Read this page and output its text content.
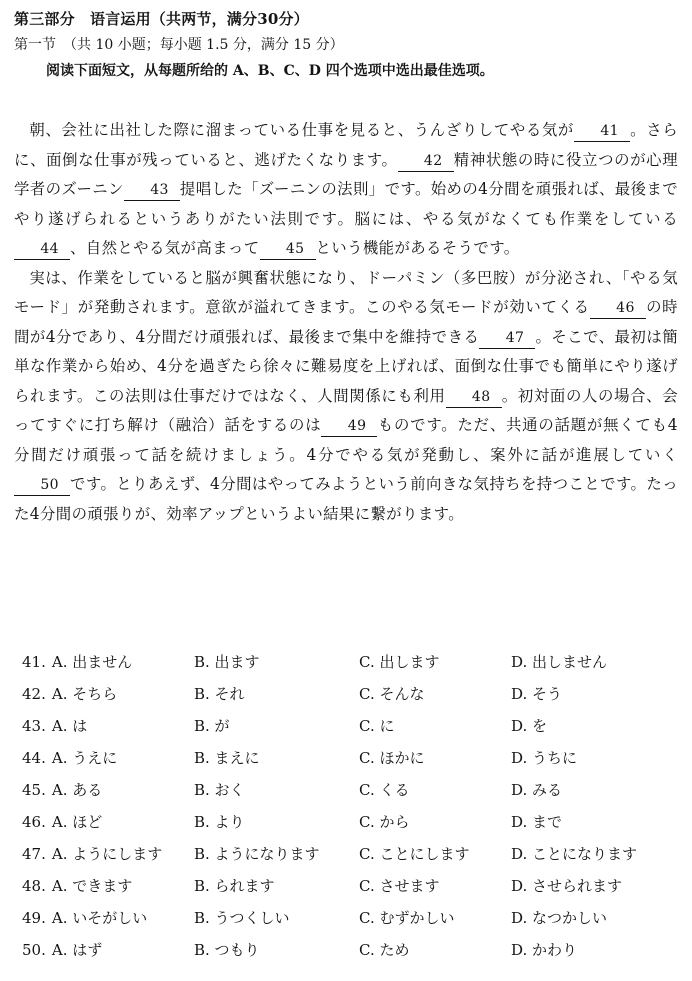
第三部分　语言运用（共两节，满分30分）
第一节　（共 10 小题；每小题 1.5 分，满分 15 分）
阅读下面短文，从每题所给的 A、B、C、D 四个选项中选出最佳选项。

朝、会社に出社した際に溜まっている仕事を見ると、うんざりしてやる気が 41 。さらに、面倒な仕事が残っていると、逃げたくなります。 42 精神状態の時に役立つのが心理学者のズーニン 43 提唱した「ズーニンの法則」です。始めの4分間を頑張れば、最後までやり遂げられるというありがたい法則です。脳には、やる気がなくても作業をしている44 、自然とやる気が高まって 45 という機能があるそうです。

実は、作業をしていると脳が興奮状態になり、ドーパミン（多巴胺）が分泌され、「やる気モード」が発動されます。意欲が溢れてきます。このやる気モードが効いてくる 46 の時間が4分であり、4分間だけ頑張れば、最後まで集中を維持できる 47 。そこで、最初は簡単な作業から始め、4分を過ぎたら徐々に難易度を上げれば、面倒な仕事でも簡単にやり遂げられます。この法則は仕事だけではなく、人間関係にも利用 48 。初対面の人の場合、会ってすぐに打ち解け（融洽）話をするのは 49 ものです。ただ、共通の話題が無くても4分間だけ頑張って話を続けましょう。4分でやる気が発動し、案外に話が進展していく50 です。とりあえず、4分間はやってみようという前向きな気持ちを持つことです。たった4分間の頑張りが、効率アップというよい結果に繋がります。

41. A. 出ません	B. 出ます	C. 出します	D. 出しません
42. A. そちら	B. それ	C. そんな	D. そう
43. A. は	B. が	C. に	D. を
44. A. うえに	B. まえに	C. ほかに	D. うちに
45. A. ある	B. おく	C. くる	D. みる
46. A. ほど	B. より	C. から	D. まで
47. A. ようにします	B. ようになります	C. ことにします	D. ことになります
48. A. できます	B. られます	C. させます	D. させられます
49. A. いそがしい	B. うつくしい	C. むずかしい	D. なつかしい
50. A. はず	B. つもり	C. ため	D. かわり
